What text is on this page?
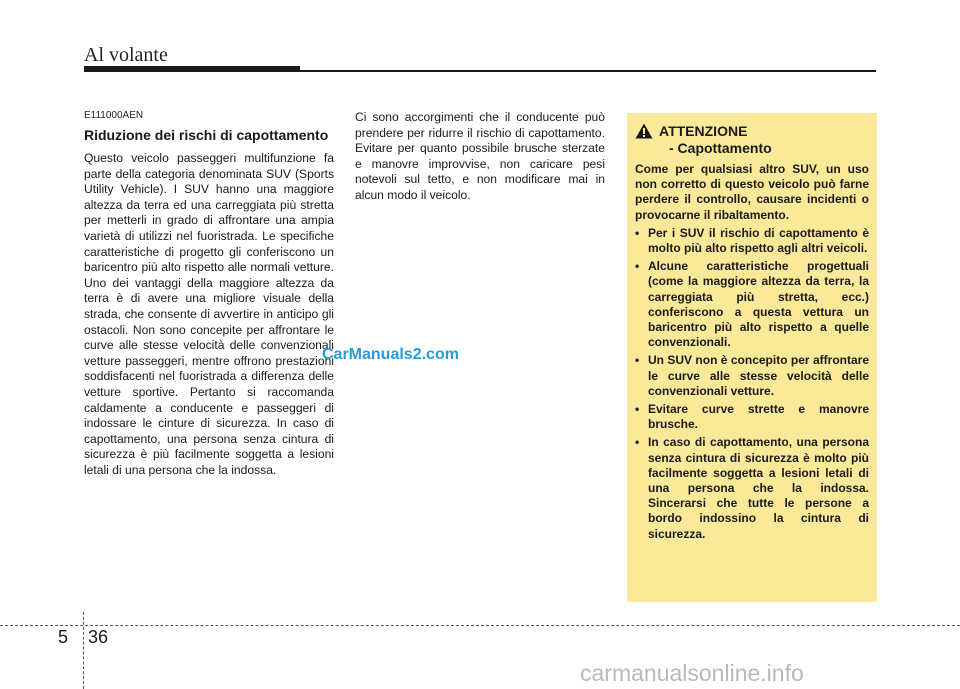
Al volante
E111000AEN
Riduzione dei rischi di capottamento
Questo veicolo passeggeri multifunzione fa parte della categoria denominata SUV (Sports Utility Vehicle). I SUV hanno una maggiore altezza da terra ed una carreggiata più stretta per metterli in grado di affrontare una ampia varietà di utilizzi nel fuoristrada. Le specifiche caratteristiche di progetto gli conferiscono un baricentro più alto rispetto alle normali vetture. Uno dei vantaggi della maggiore altezza da terra è di avere una migliore visuale della strada, che consente di avvertire in anticipo gli ostacoli. Non sono concepite per affrontare le curve alle stesse velocità delle convenzionali vetture passeggeri, mentre offrono prestazioni soddisfacenti nel fuoristrada a differenza delle vetture sportive. Pertanto si raccomanda caldamente a conducente e passeggeri di indossare le cinture di sicurezza. In caso di capottamento, una persona senza cintura di sicurezza è più facilmente soggetta a lesioni letali di una persona che la indossa.
Ci sono accorgimenti che il conducente può prendere per ridurre il rischio di capottamento. Evitare per quanto possibile brusche sterzate e manovre improvvise, non caricare pesi notevoli sul tetto, e non modificare mai in alcun modo il veicolo.
ATTENZIONE
- Capottamento
Come per qualsiasi altro SUV, un uso non corretto di questo veicolo può farne perdere il controllo, causare incidenti o provocarne il ribaltamento.
• Per i SUV il rischio di capottamento è molto più alto rispetto agli altri veicoli.
• Alcune caratteristiche progettuali (come la maggiore altezza da terra, la carreggiata più stretta, ecc.) conferiscono a questa vettura un baricentro più alto rispetto a quelle convenzionali.
• Un SUV non è concepito per affrontare le curve alle stesse velocità delle convenzionali vetture.
• Evitare curve strette e manovre brusche.
• In caso di capottamento, una persona senza cintura di sicurezza è molto più facilmente soggetta a lesioni letali di una persona che la indossa. Sincerarsi che tutte le persone a bordo indossino la cintura di sicurezza.
CarManuals2.com
5 36
carmanualsonline.info
